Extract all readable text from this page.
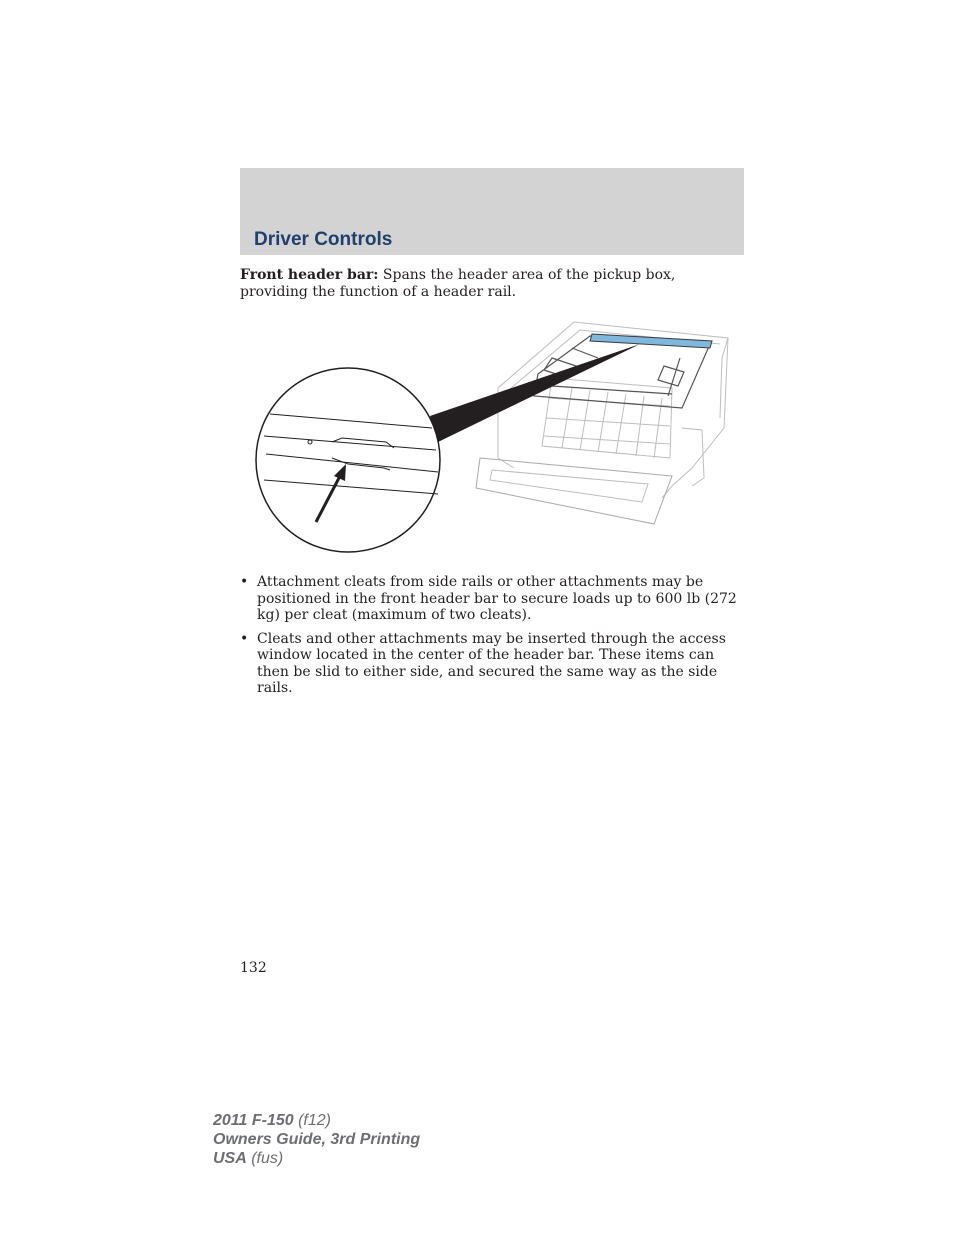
Driver Controls

Front header bar: Spans the header area of the pickup box, providing the function of a header rail.

• Attachment cleats from side rails or other attachments may be positioned in the front header bar to secure loads up to 600 lb (272 kg) per cleat (maximum of two cleats).
• Cleats and other attachments may be inserted through the access window located in the center of the header bar. These items can then be slid to either side, and secured the same way as the side rails.

132

2011 F-150 (f12)
Owners Guide, 3rd Printing
USA (fus)
